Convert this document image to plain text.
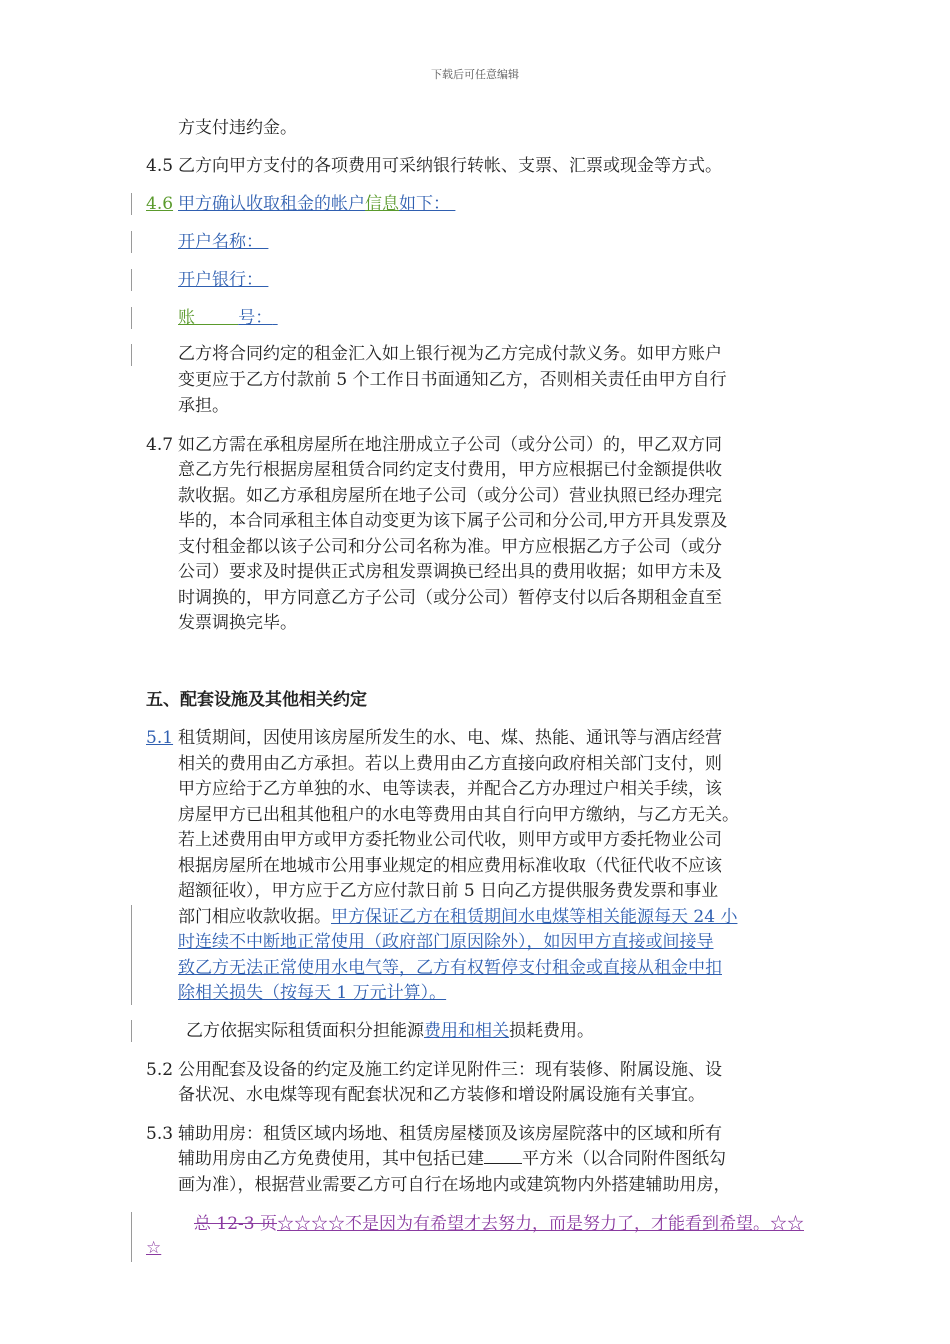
下载后可任意编辑
方支付违约金。
4.5 乙方向甲方支付的各项费用可采纳银行转帐、支票、汇票或现金等方式。
4.6 甲方确认收取租金的帐户信息如下：
开户名称：
开户银行：
账	号：
乙方将合同约定的租金汇入如上银行视为乙方完成付款义务。如甲方账户
变更应于乙方付款前 5 个工作日书面通知乙方，否则相关责任由甲方自行
承担。
4.7 如乙方需在承租房屋所在地注册成立子公司（或分公司）的，甲乙双方同
意乙方先行根据房屋租赁合同约定支付费用，甲方应根据已付金额提供收
款收据。如乙方承租房屋所在地子公司（或分公司）营业执照已经办理完
毕的，本合同承租主体自动变更为该下属子公司和分公司,甲方开具发票及
支付租金都以该子公司和分公司名称为准。甲方应根据乙方子公司（或分
公司）要求及时提供正式房租发票调换已经出具的费用收据；如甲方未及
时调换的，甲方同意乙方子公司（或分公司）暂停支付以后各期租金直至
发票调换完毕。
五、配套设施及其他相关约定
5.1 租赁期间，因使用该房屋所发生的水、电、煤、热能、通讯等与酒店经营
相关的费用由乙方承担。若以上费用由乙方直接向政府相关部门支付，则
甲方应给于乙方单独的水、电等读表，并配合乙方办理过户相关手续，该
房屋甲方已出租其他租户的水电等费用由其自行向甲方缴纳，与乙方无关。
若上述费用由甲方或甲方委托物业公司代收，则甲方或甲方委托物业公司
根据房屋所在地城市公用事业规定的相应费用标准收取（代征代收不应该
超额征收），甲方应于乙方应付款日前 5 日向乙方提供服务费发票和事业
部门相应收款收据。甲方保证乙方在租赁期间水电煤等相关能源每天 24 小
时连续不中断地正常使用（政府部门原因除外），如因甲方直接或间接导
致乙方无法正常使用水电气等，乙方有权暂停支付租金或直接从租金中扣
除相关损失（按每天 1 万元计算）。
乙方依据实际租赁面积分担能源费用和相关损耗费用。
5.2 公用配套及设备的约定及施工约定详见附件三：现有装修、附属设施、设
备状况、水电煤等现有配套状况和乙方装修和增设附属设施有关事宜。
5.3 辅助用房：租赁区域内场地、租赁房屋楼顶及该房屋院落中的区域和所有
辅助用房由乙方免费使用，其中包括已建 平方米（以合同附件图纸勾
画为准），根据营业需要乙方可自行在场地内或建筑物内外搭建辅助用房，
总 12-3 页☆☆☆☆不是因为有希望才去努力，而是努力了，才能看到希望。☆☆
☆
